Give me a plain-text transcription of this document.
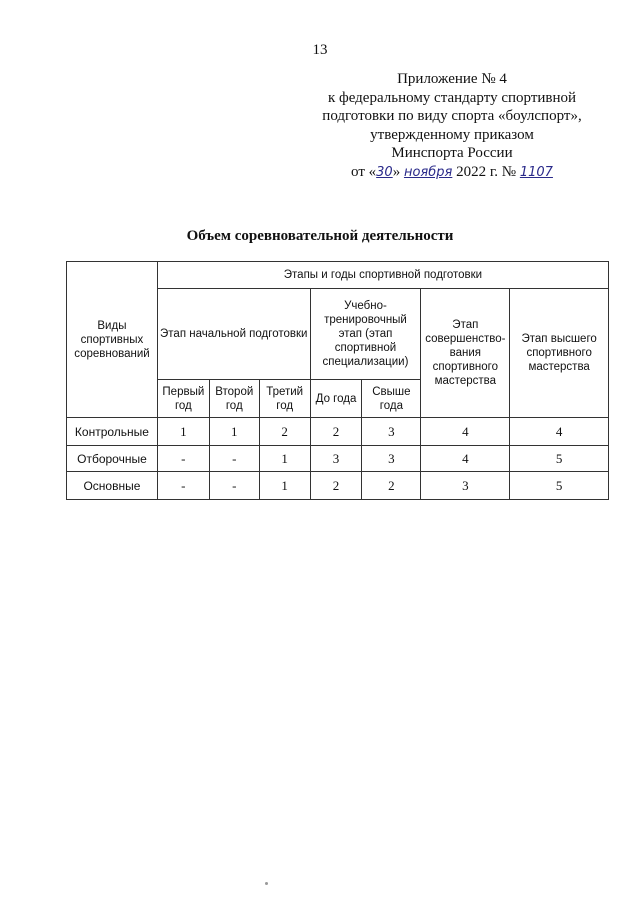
13
Приложение № 4
к федеральному стандарту спортивной
подготовки по виду спорта «боулспорт»,
утвержденному приказом
Минспорта России
от «30» ноября 2022 г. № 1107
Объем соревновательной деятельности
Виды спортивных соревнований	Этапы и годы спортивной подготовки						
	Этап начальной подготовки			Учебно-тренировочный этап (этап спортивной специализации)		Этап совершенство-вания спортивного мастерства	Этап высшего спортивного мастерства
	Первый год	Второй год	Третий год	До года	Свыше года		
Контрольные	1	1	2	2	3	4	4
Отборочные	-	-	1	3	3	4	5
Основные	-	-	1	2	2	3	5
